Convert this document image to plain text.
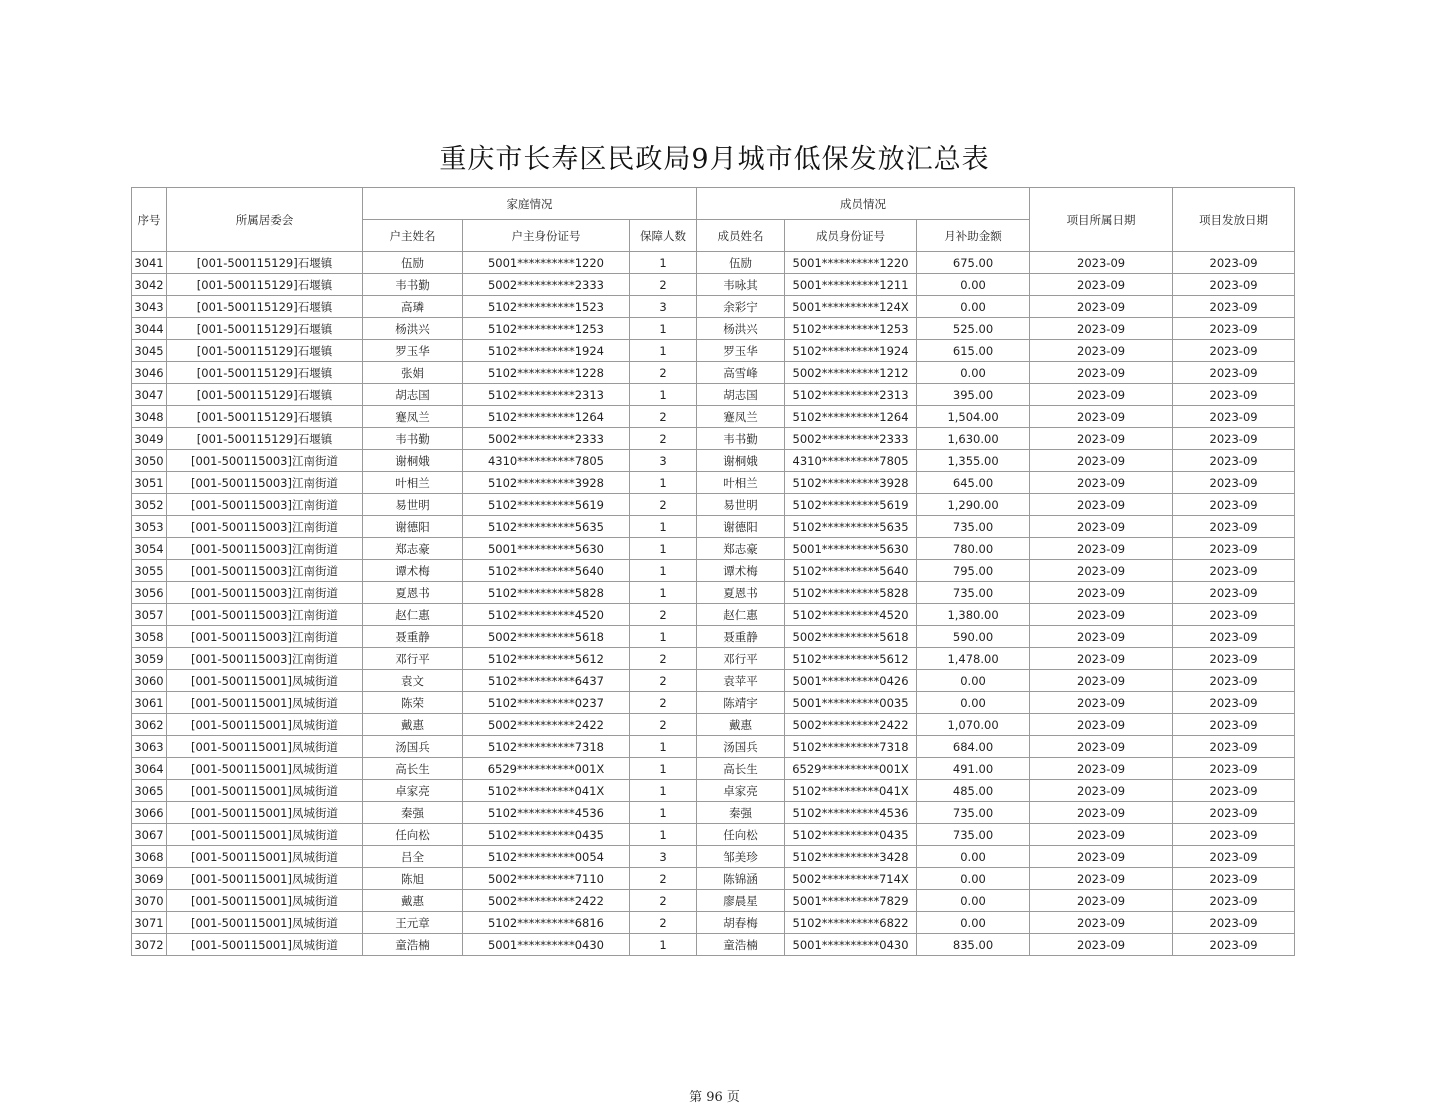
重庆市长寿区民政局9月城市低保发放汇总表
序号	所属居委会	家庭情况			成员情况			项目所属日期	项目发放日期
		户主姓名	户主身份证号	保障人数	成员姓名	成员身份证号	月补助金额		
3041	[001-500115129]石堰镇	伍励	5001**********1220	1	伍励	5001**********1220	675.00	2023-09	2023-09
3042	[001-500115129]石堰镇	韦书勤	5002**********2333	2	韦咏其	5001**********1211	0.00	2023-09	2023-09
3043	[001-500115129]石堰镇	高璘	5102**********1523	3	余彩宁	5001**********124X	0.00	2023-09	2023-09
3044	[001-500115129]石堰镇	杨洪兴	5102**********1253	1	杨洪兴	5102**********1253	525.00	2023-09	2023-09
3045	[001-500115129]石堰镇	罗玉华	5102**********1924	1	罗玉华	5102**********1924	615.00	2023-09	2023-09
3046	[001-500115129]石堰镇	张娟	5102**********1228	2	高雪峰	5002**********1212	0.00	2023-09	2023-09
3047	[001-500115129]石堰镇	胡志国	5102**********2313	1	胡志国	5102**********2313	395.00	2023-09	2023-09
3048	[001-500115129]石堰镇	蹇凤兰	5102**********1264	2	蹇凤兰	5102**********1264	1,504.00	2023-09	2023-09
3049	[001-500115129]石堰镇	韦书勤	5002**********2333	2	韦书勤	5002**********2333	1,630.00	2023-09	2023-09
3050	[001-500115003]江南街道	谢桐娥	4310**********7805	3	谢桐娥	4310**********7805	1,355.00	2023-09	2023-09
3051	[001-500115003]江南街道	叶相兰	5102**********3928	1	叶相兰	5102**********3928	645.00	2023-09	2023-09
3052	[001-500115003]江南街道	易世明	5102**********5619	2	易世明	5102**********5619	1,290.00	2023-09	2023-09
3053	[001-500115003]江南街道	谢德阳	5102**********5635	1	谢德阳	5102**********5635	735.00	2023-09	2023-09
3054	[001-500115003]江南街道	郑志豪	5001**********5630	1	郑志豪	5001**********5630	780.00	2023-09	2023-09
3055	[001-500115003]江南街道	谭术梅	5102**********5640	1	谭术梅	5102**********5640	795.00	2023-09	2023-09
3056	[001-500115003]江南街道	夏恩书	5102**********5828	1	夏恩书	5102**********5828	735.00	2023-09	2023-09
3057	[001-500115003]江南街道	赵仁惠	5102**********4520	2	赵仁惠	5102**********4520	1,380.00	2023-09	2023-09
3058	[001-500115003]江南街道	聂重静	5002**********5618	1	聂重静	5002**********5618	590.00	2023-09	2023-09
3059	[001-500115003]江南街道	邓行平	5102**********5612	2	邓行平	5102**********5612	1,478.00	2023-09	2023-09
3060	[001-500115001]凤城街道	袁文	5102**********6437	2	袁苹平	5001**********0426	0.00	2023-09	2023-09
3061	[001-500115001]凤城街道	陈荣	5102**********0237	2	陈靖宇	5001**********0035	0.00	2023-09	2023-09
3062	[001-500115001]凤城街道	戴惠	5002**********2422	2	戴惠	5002**********2422	1,070.00	2023-09	2023-09
3063	[001-500115001]凤城街道	汤国兵	5102**********7318	1	汤国兵	5102**********7318	684.00	2023-09	2023-09
3064	[001-500115001]凤城街道	高长生	6529**********001X	1	高长生	6529**********001X	491.00	2023-09	2023-09
3065	[001-500115001]凤城街道	卓家亮	5102**********041X	1	卓家亮	5102**********041X	485.00	2023-09	2023-09
3066	[001-500115001]凤城街道	秦强	5102**********4536	1	秦强	5102**********4536	735.00	2023-09	2023-09
3067	[001-500115001]凤城街道	任向松	5102**********0435	1	任向松	5102**********0435	735.00	2023-09	2023-09
3068	[001-500115001]凤城街道	吕全	5102**********0054	3	邹美珍	5102**********3428	0.00	2023-09	2023-09
3069	[001-500115001]凤城街道	陈旭	5002**********7110	2	陈锦涵	5002**********714X	0.00	2023-09	2023-09
3070	[001-500115001]凤城街道	戴惠	5002**********2422	2	廖晨星	5001**********7829	0.00	2023-09	2023-09
3071	[001-500115001]凤城街道	王元章	5102**********6816	2	胡春梅	5102**********6822	0.00	2023-09	2023-09
3072	[001-500115001]凤城街道	童浩楠	5001**********0430	1	童浩楠	5001**********0430	835.00	2023-09	2023-09
第 96 页
